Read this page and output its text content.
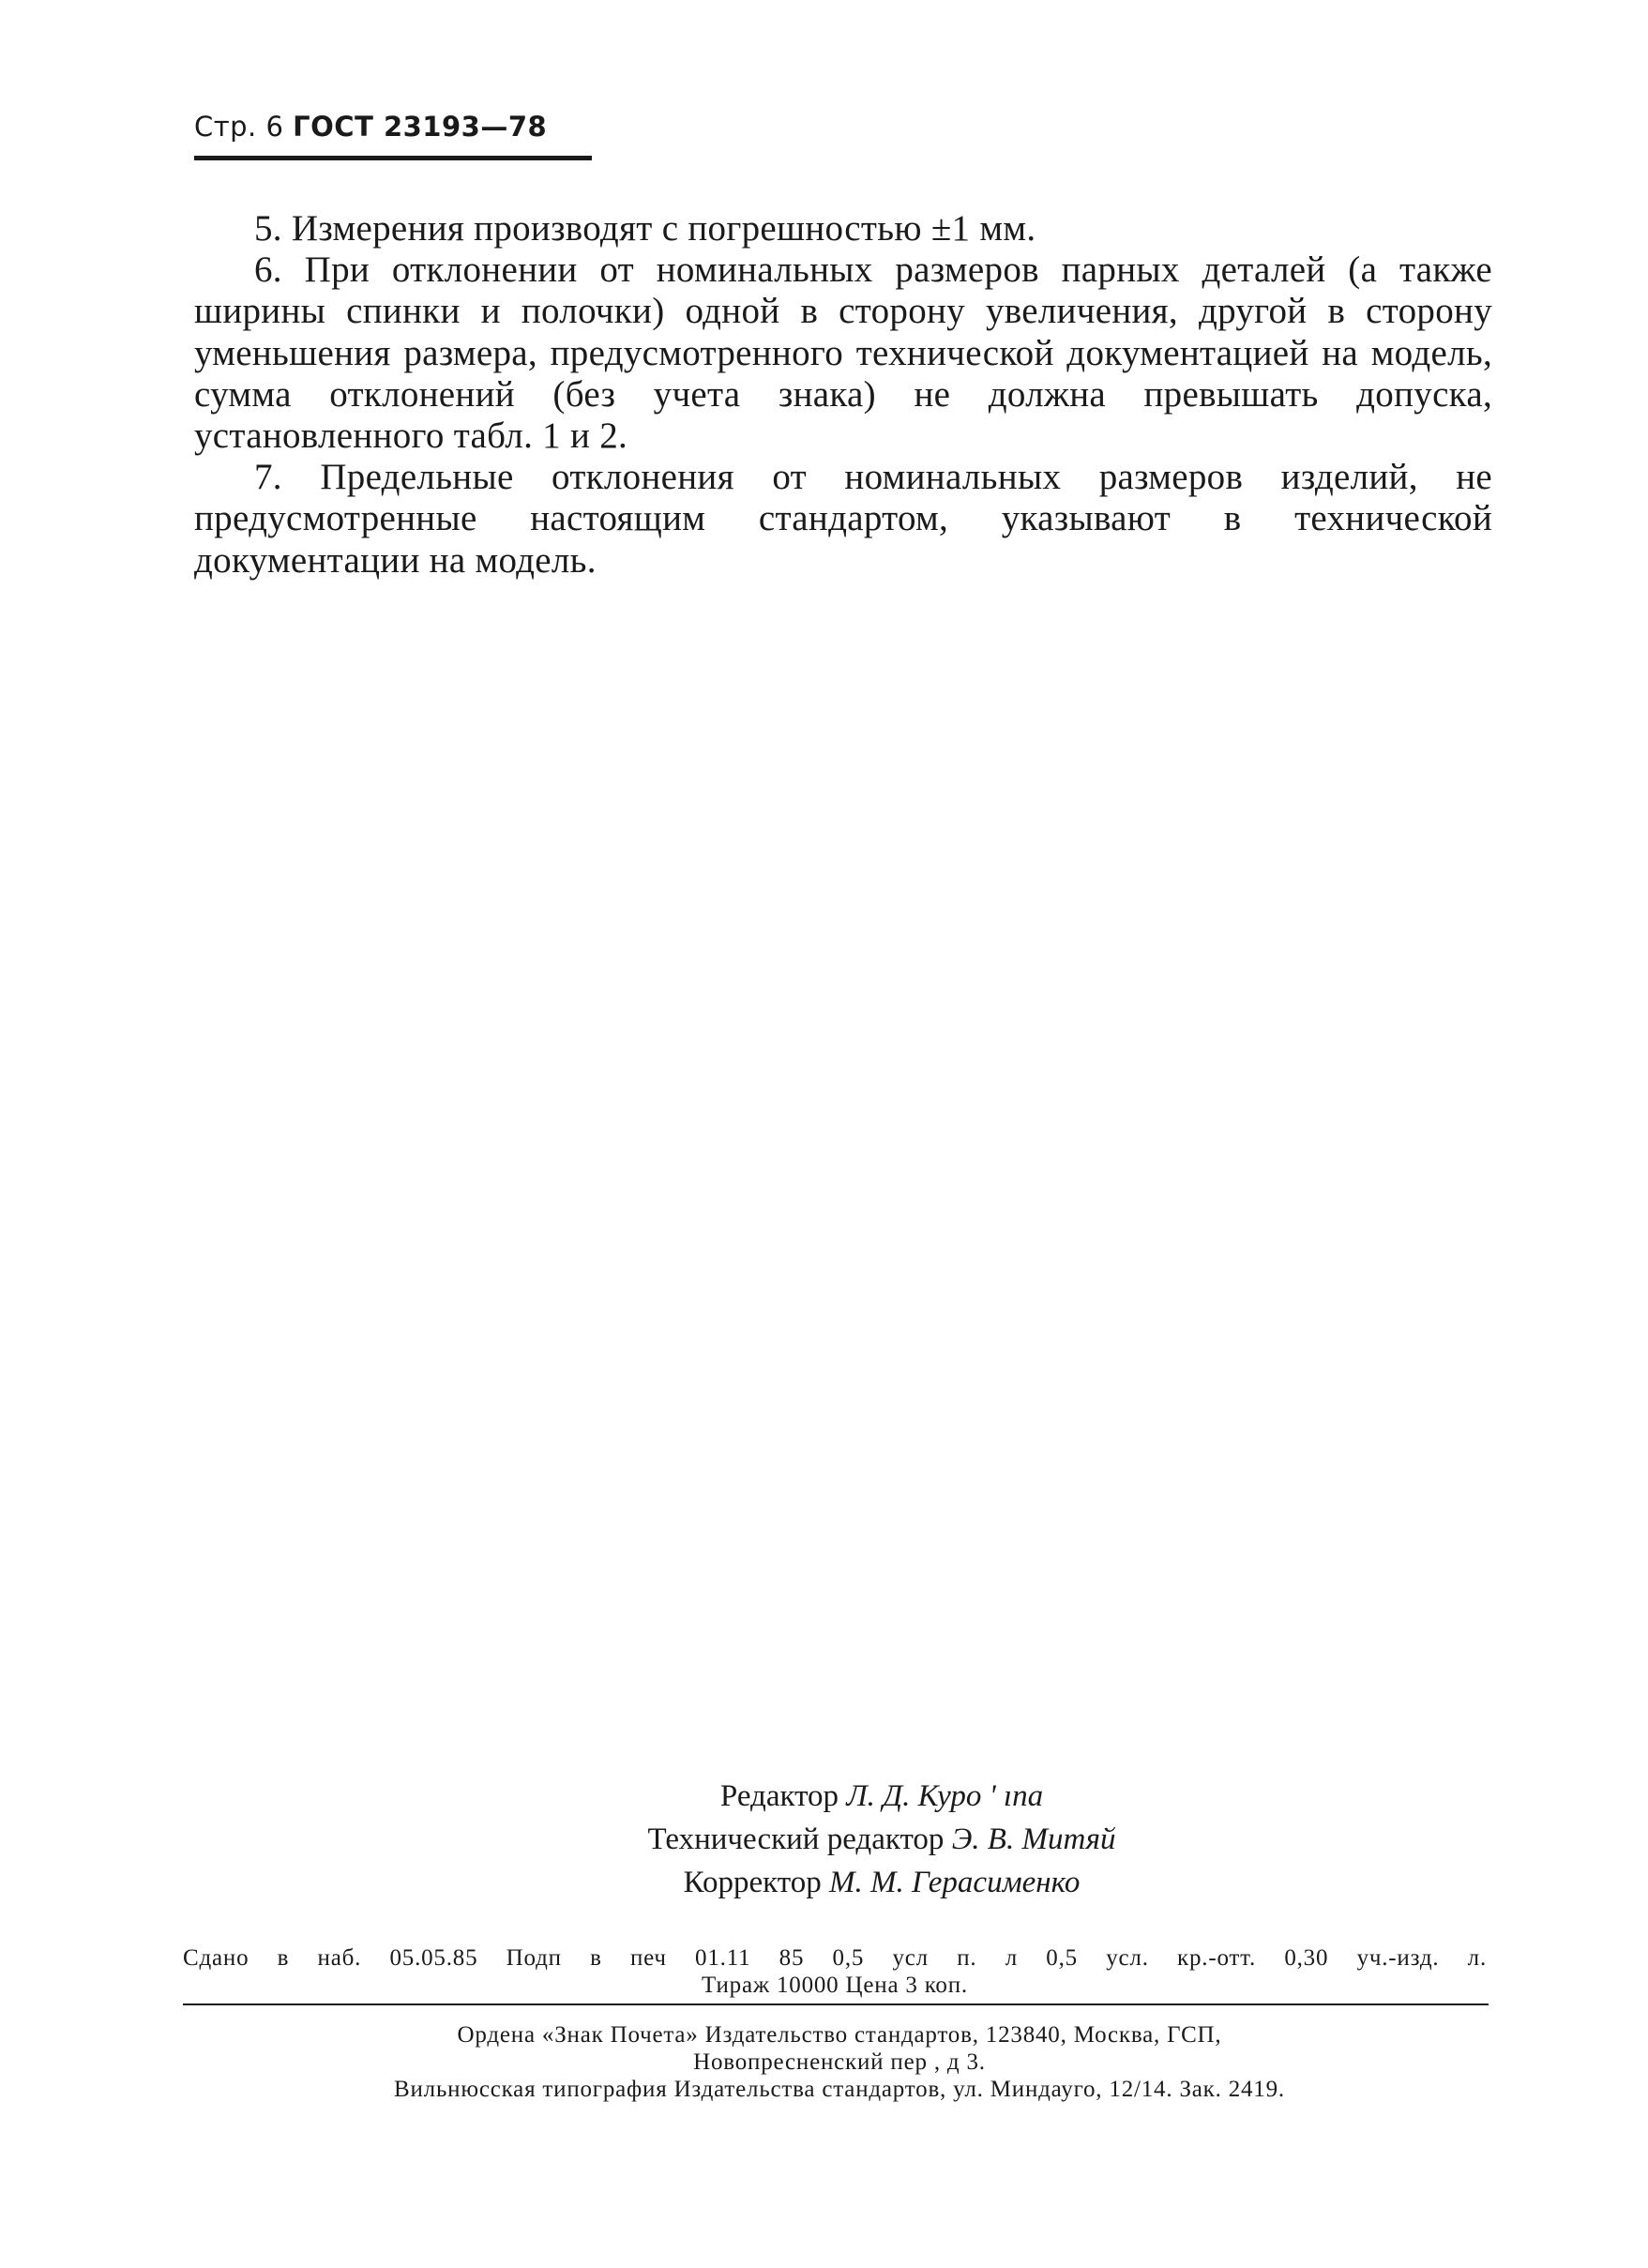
Стр. 6 ГОСТ 23193—78

5. Измерения производят с погрешностью ±1 мм.

6. При отклонении от номинальных размеров парных деталей (а также ширины спинки и полочки) одной в сторону увеличения, другой в сторону уменьшения размера, предусмотренного технической документацией на модель, сумма отклонений (без учета знака) не должна превышать допуска, установленного табл. 1 и 2.

7. Предельные отклонения от номинальных размеров изделий, не предусмотренные настоящим стандартом, указывают в технической документации на модель.

Редактор Л. Д. Куро ' ına
Технический редактор Э. В. Митяй
Корректор М. М. Герасименко
Сдано в наб. 05.05.85 Подп в печ 01.11 85 0,5 усл п. л 0,5 усл. кр.-отт. 0,30 уч.-изд. л.
Тираж 10000 Цена 3 коп.
Ордена «Знак Почета» Издательство стандартов, 123840, Москва, ГСП,
Новопресненский пер , д 3.
Вильнюсская типография Издательства стандартов, ул. Миндауго, 12/14. Зак. 2419.
